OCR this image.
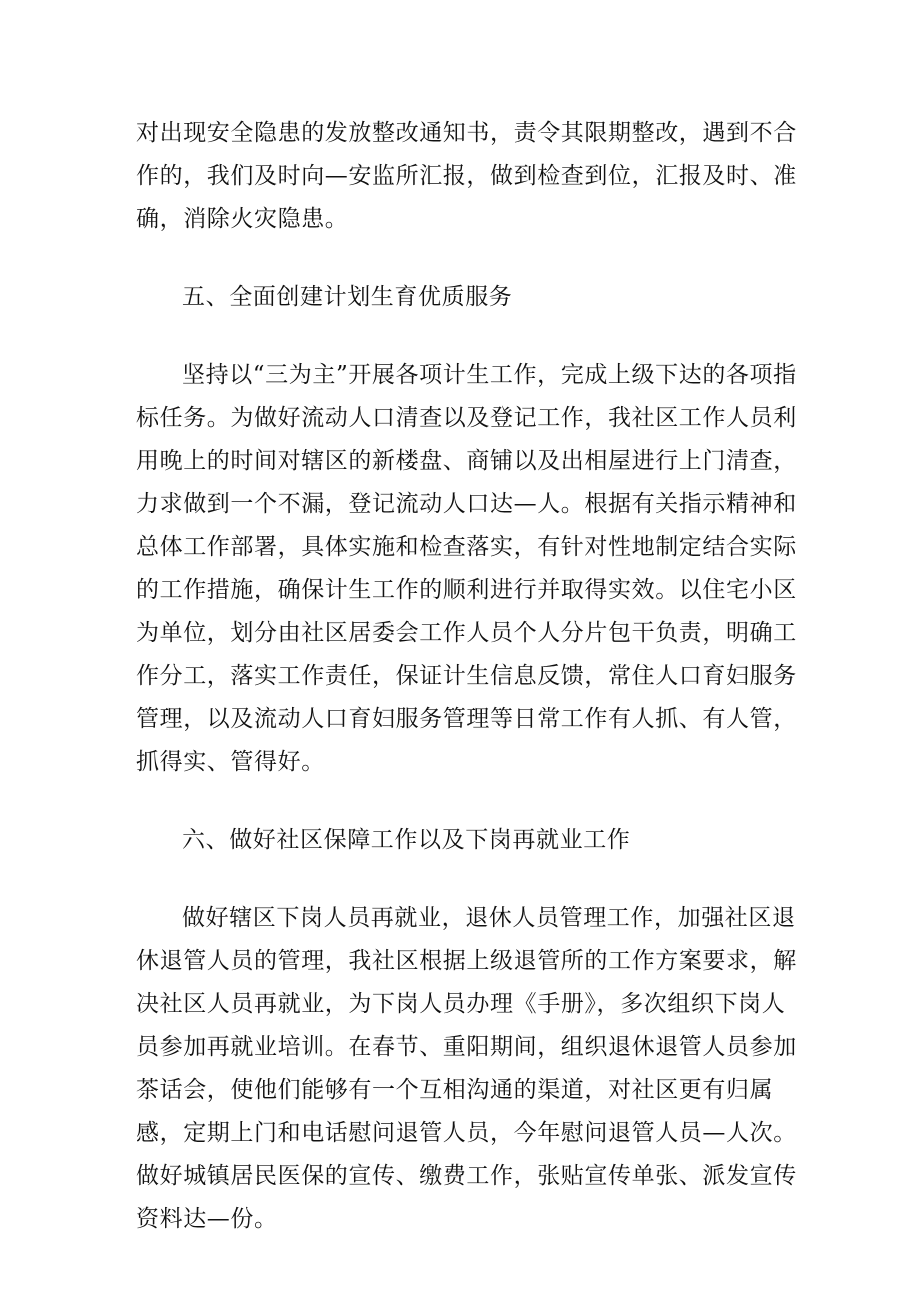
对出现安全隐患的发放整改通知书，责令其限期整改，遇到不合作的，我们及时向—安监所汇报，做到检查到位，汇报及时、准确，消除火灾隐患。

五、全面创建计划生育优质服务

坚持以“三为主”开展各项计生工作，完成上级下达的各项指标任务。为做好流动人口清查以及登记工作，我社区工作人员利用晚上的时间对辖区的新楼盘、商铺以及出相屋进行上门清查，力求做到一个不漏，登记流动人口达—人。根据有关指示精神和总体工作部署，具体实施和检查落实，有针对性地制定结合实际的工作措施，确保计生工作的顺利进行并取得实效。以住宅小区为单位，划分由社区居委会工作人员个人分片包干负责，明确工作分工，落实工作责任，保证计生信息反馈，常住人口育妇服务管理，以及流动人口育妇服务管理等日常工作有人抓、有人管，抓得实、管得好。

六、做好社区保障工作以及下岗再就业工作

做好辖区下岗人员再就业，退休人员管理工作，加强社区退休退管人员的管理，我社区根据上级退管所的工作方案要求，解决社区人员再就业，为下岗人员办理《手册》，多次组织下岗人员参加再就业培训。在春节、重阳期间，组织退休退管人员参加茶话会，使他们能够有一个互相沟通的渠道，对社区更有归属感，定期上门和电话慰问退管人员，今年慰问退管人员—人次。做好城镇居民医保的宣传、缴费工作，张贴宣传单张、派发宣传资料达—份。
